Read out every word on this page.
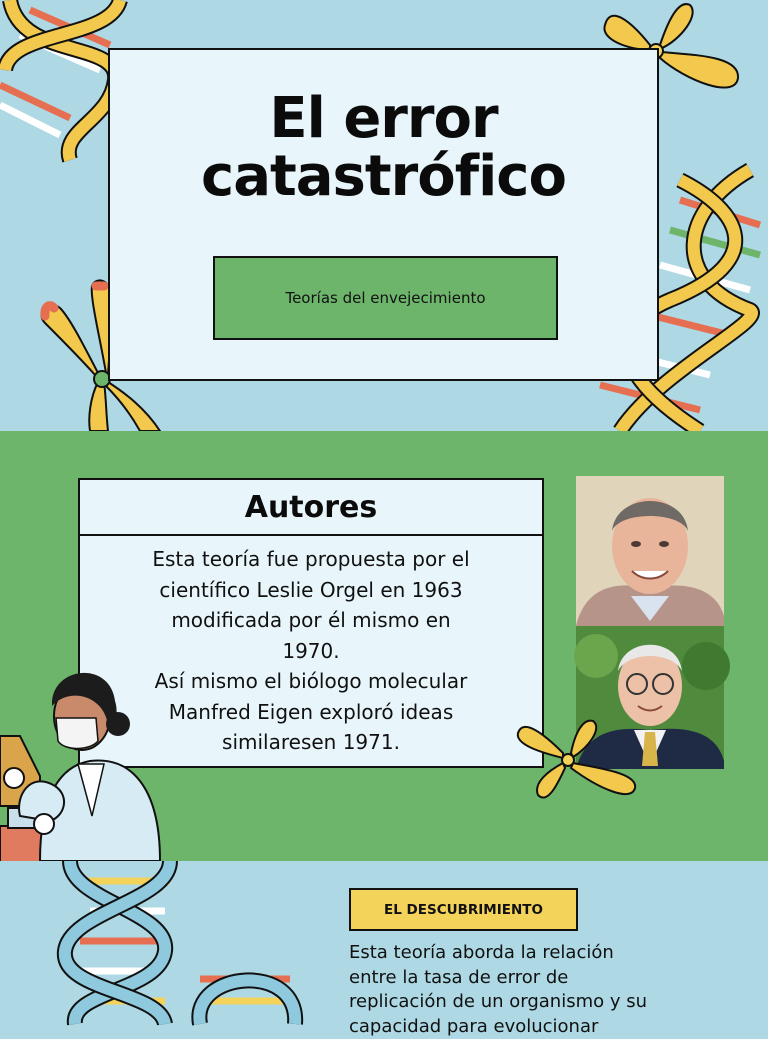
El error
catastrófico
Teorías del envejecimiento
Autores
Esta teoría fue propuesta por el
científico Leslie Orgel en 1963
modificada por él mismo en
1970.
Así mismo el biólogo molecular
Manfred Eigen exploró ideas
similaresen 1971.
EL DESCUBRIMIENTO
Esta teoría aborda la relación
entre la tasa de error de
replicación de un organismo y su
capacidad para evolucionar
